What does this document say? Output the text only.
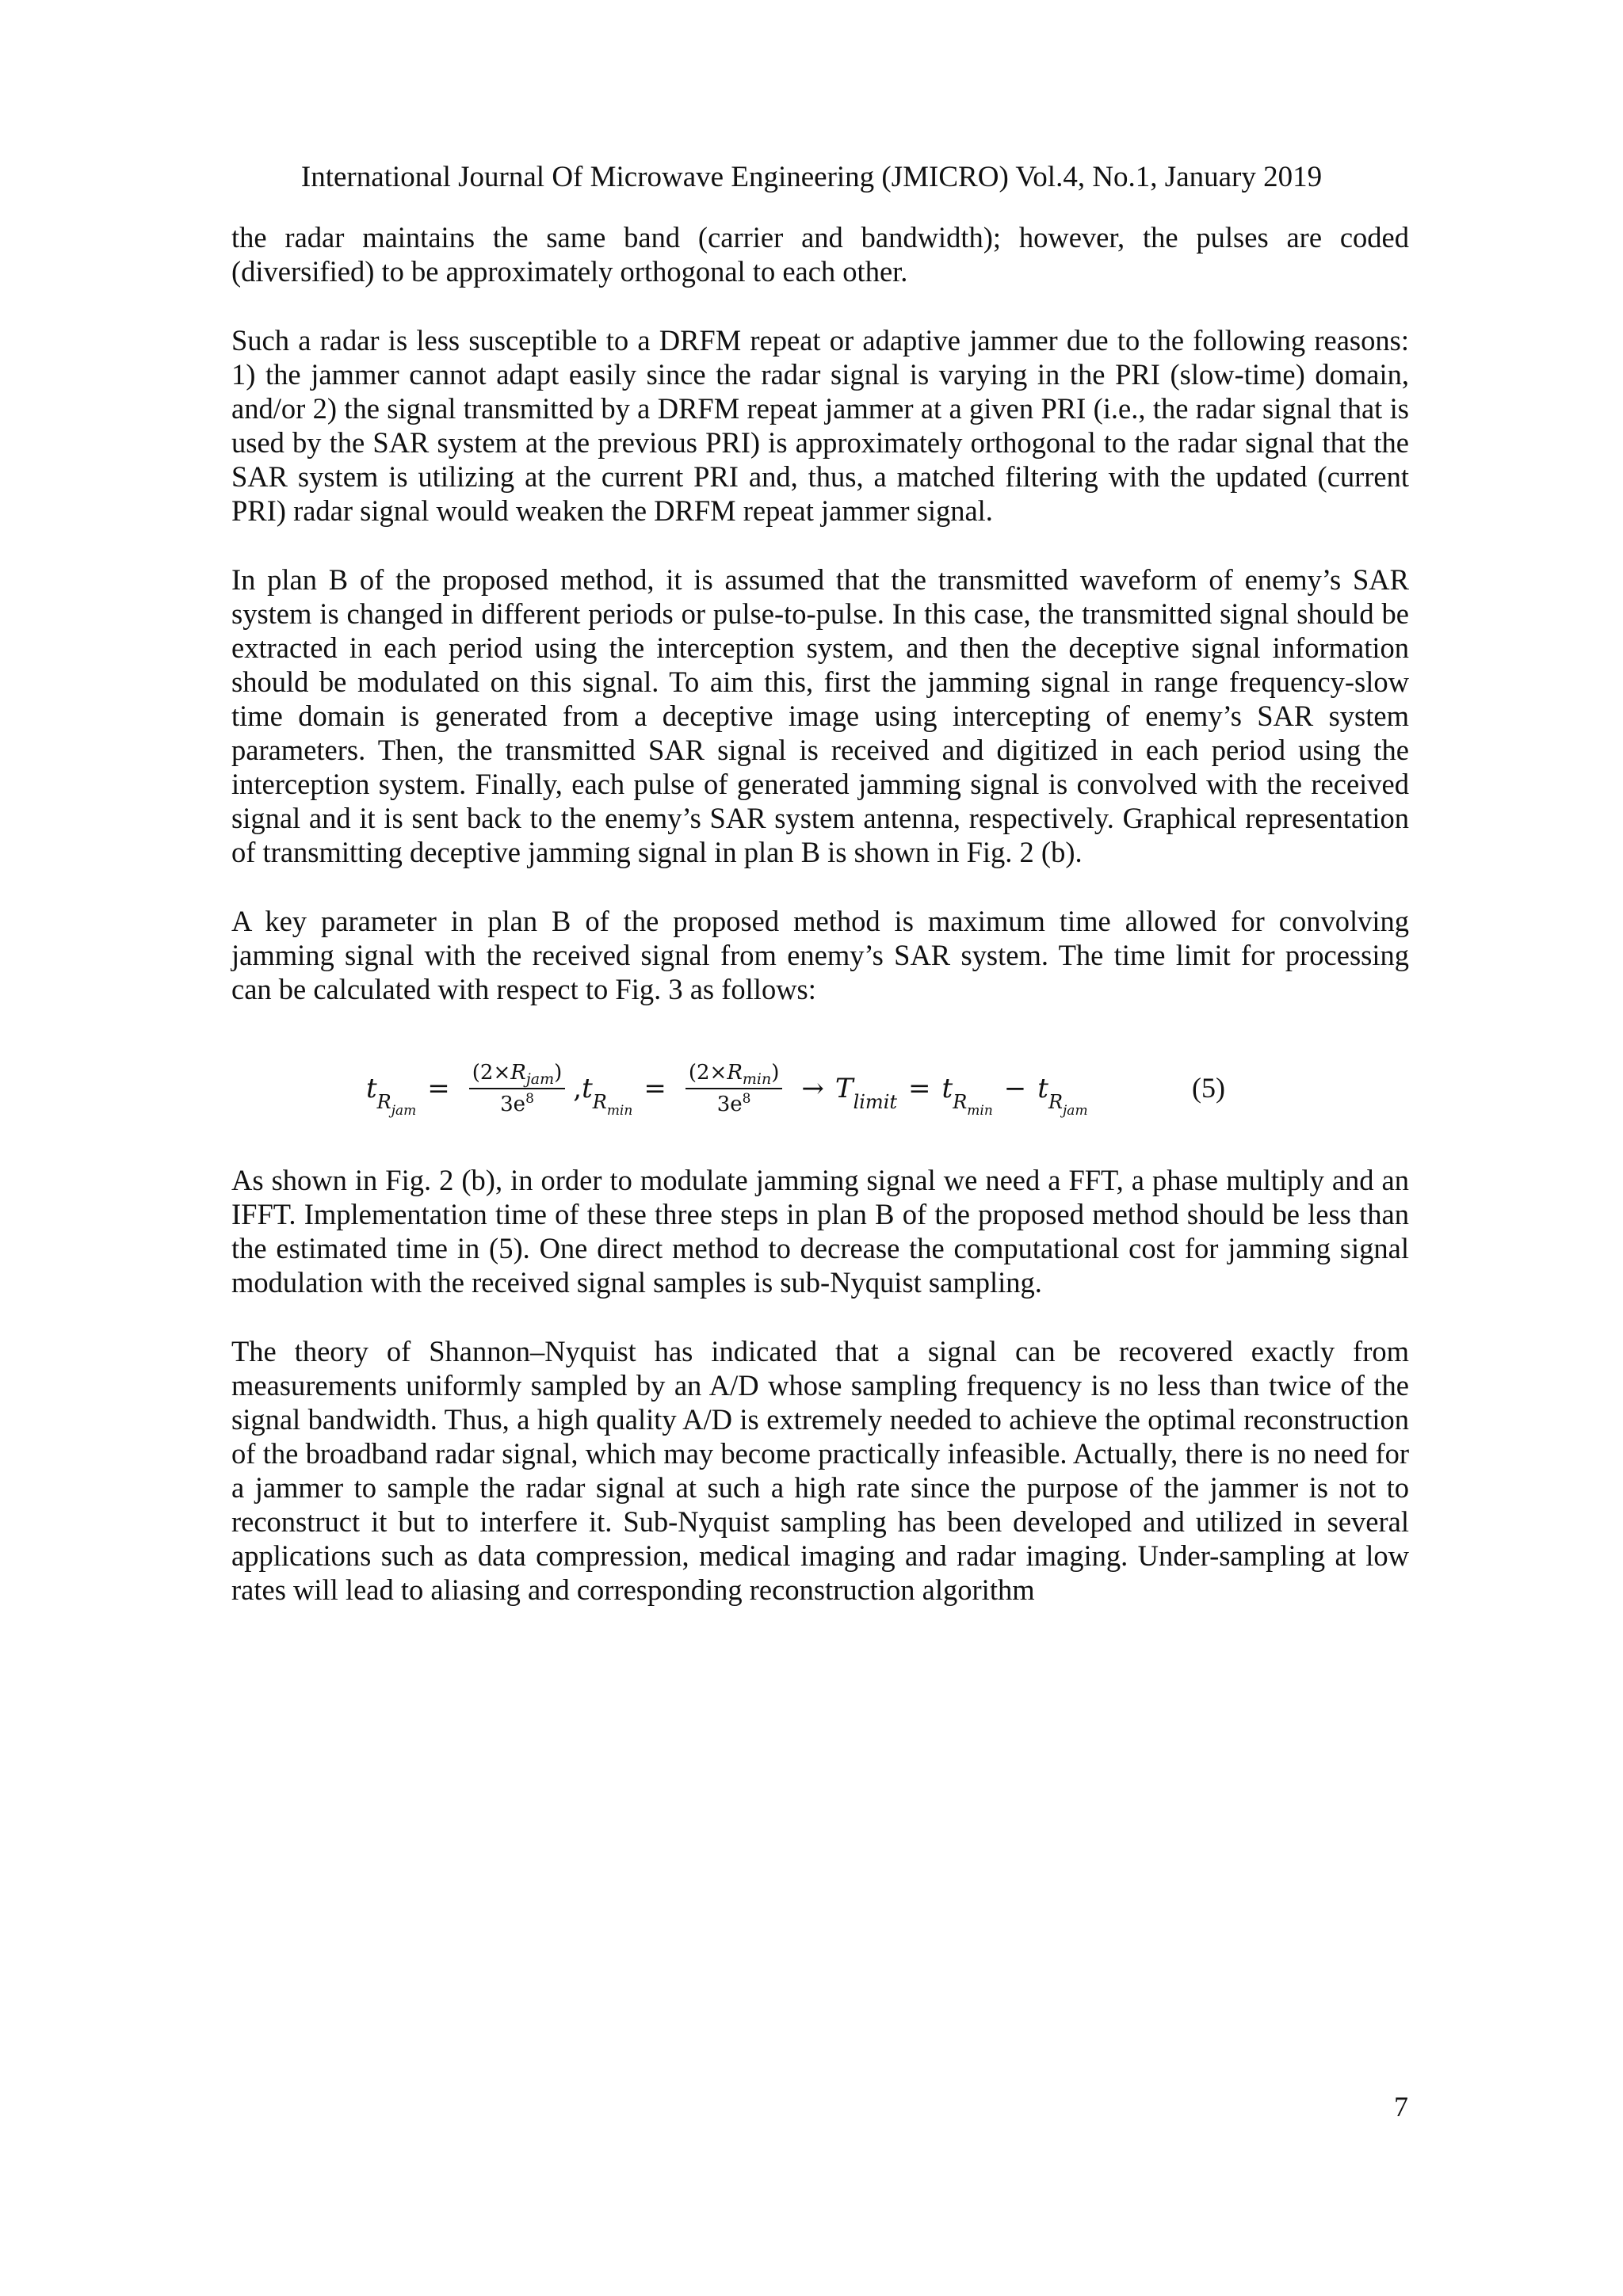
International Journal Of Microwave Engineering (JMICRO) Vol.4, No.1, January 2019

the radar maintains the same band (carrier and bandwidth); however, the pulses are coded (diversified) to be approximately orthogonal to each other.

Such a radar is less susceptible to a DRFM repeat or adaptive jammer due to the following reasons: 1) the jammer cannot adapt easily since the radar signal is varying in the PRI (slow-time) domain, and/or 2) the signal transmitted by a DRFM repeat jammer at a given PRI (i.e., the radar signal that is used by the SAR system at the previous PRI) is approximately orthogonal to the radar signal that the SAR system is utilizing at the current PRI and, thus, a matched filtering with the updated (current PRI) radar signal would weaken the DRFM repeat jammer signal.

In plan B of the proposed method, it is assumed that the transmitted waveform of enemy’s SAR system is changed in different periods or pulse-to-pulse. In this case, the transmitted signal should be extracted in each period using the interception system, and then the deceptive signal information should be modulated on this signal. To aim this, first the jamming signal in range frequency-slow time domain is generated from a deceptive image using intercepting of enemy’s SAR system parameters. Then, the transmitted SAR signal is received and digitized in each period using the interception system. Finally, each pulse of generated jamming signal is convolved with the received signal and it is sent back to the enemy’s SAR system antenna, respectively. Graphical representation of transmitting deceptive jamming signal in plan B is shown in Fig. 2 (b).

A key parameter in plan B of the proposed method is maximum time allowed for convolving jamming signal with the received signal from enemy’s SAR system. The time limit for processing can be calculated with respect to Fig. 3 as follows:

$t_{R_{jam}}$
= $\frac{(2\times R_{jam})}{3e^8}$ , $t_{R_{min}}$
= $\frac{(2\times R_{min})}{3e^8} \to T_{limit} = t_{R_{min}}$
− $t_{R_{jam}}$
(5)

As shown in Fig. 2 (b), in order to modulate jamming signal we need a FFT, a phase multiply and an IFFT. Implementation time of these three steps in plan B of the proposed method should be less than the estimated time in (5). One direct method to decrease the computational cost for jamming signal modulation with the received signal samples is sub-Nyquist sampling.

The theory of Shannon–Nyquist has indicated that a signal can be recovered exactly from measurements uniformly sampled by an A/D whose sampling frequency is no less than twice of the signal bandwidth. Thus, a high quality A/D is extremely needed to achieve the optimal reconstruction of the broadband radar signal, which may become practically infeasible. Actually, there is no need for a jammer to sample the radar signal at such a high rate since the purpose of the jammer is not to reconstruct it but to interfere it. Sub-Nyquist sampling has been developed and utilized in several applications such as data compression, medical imaging and radar imaging. Under-sampling at low rates will lead to aliasing and corresponding reconstruction algorithm

7
